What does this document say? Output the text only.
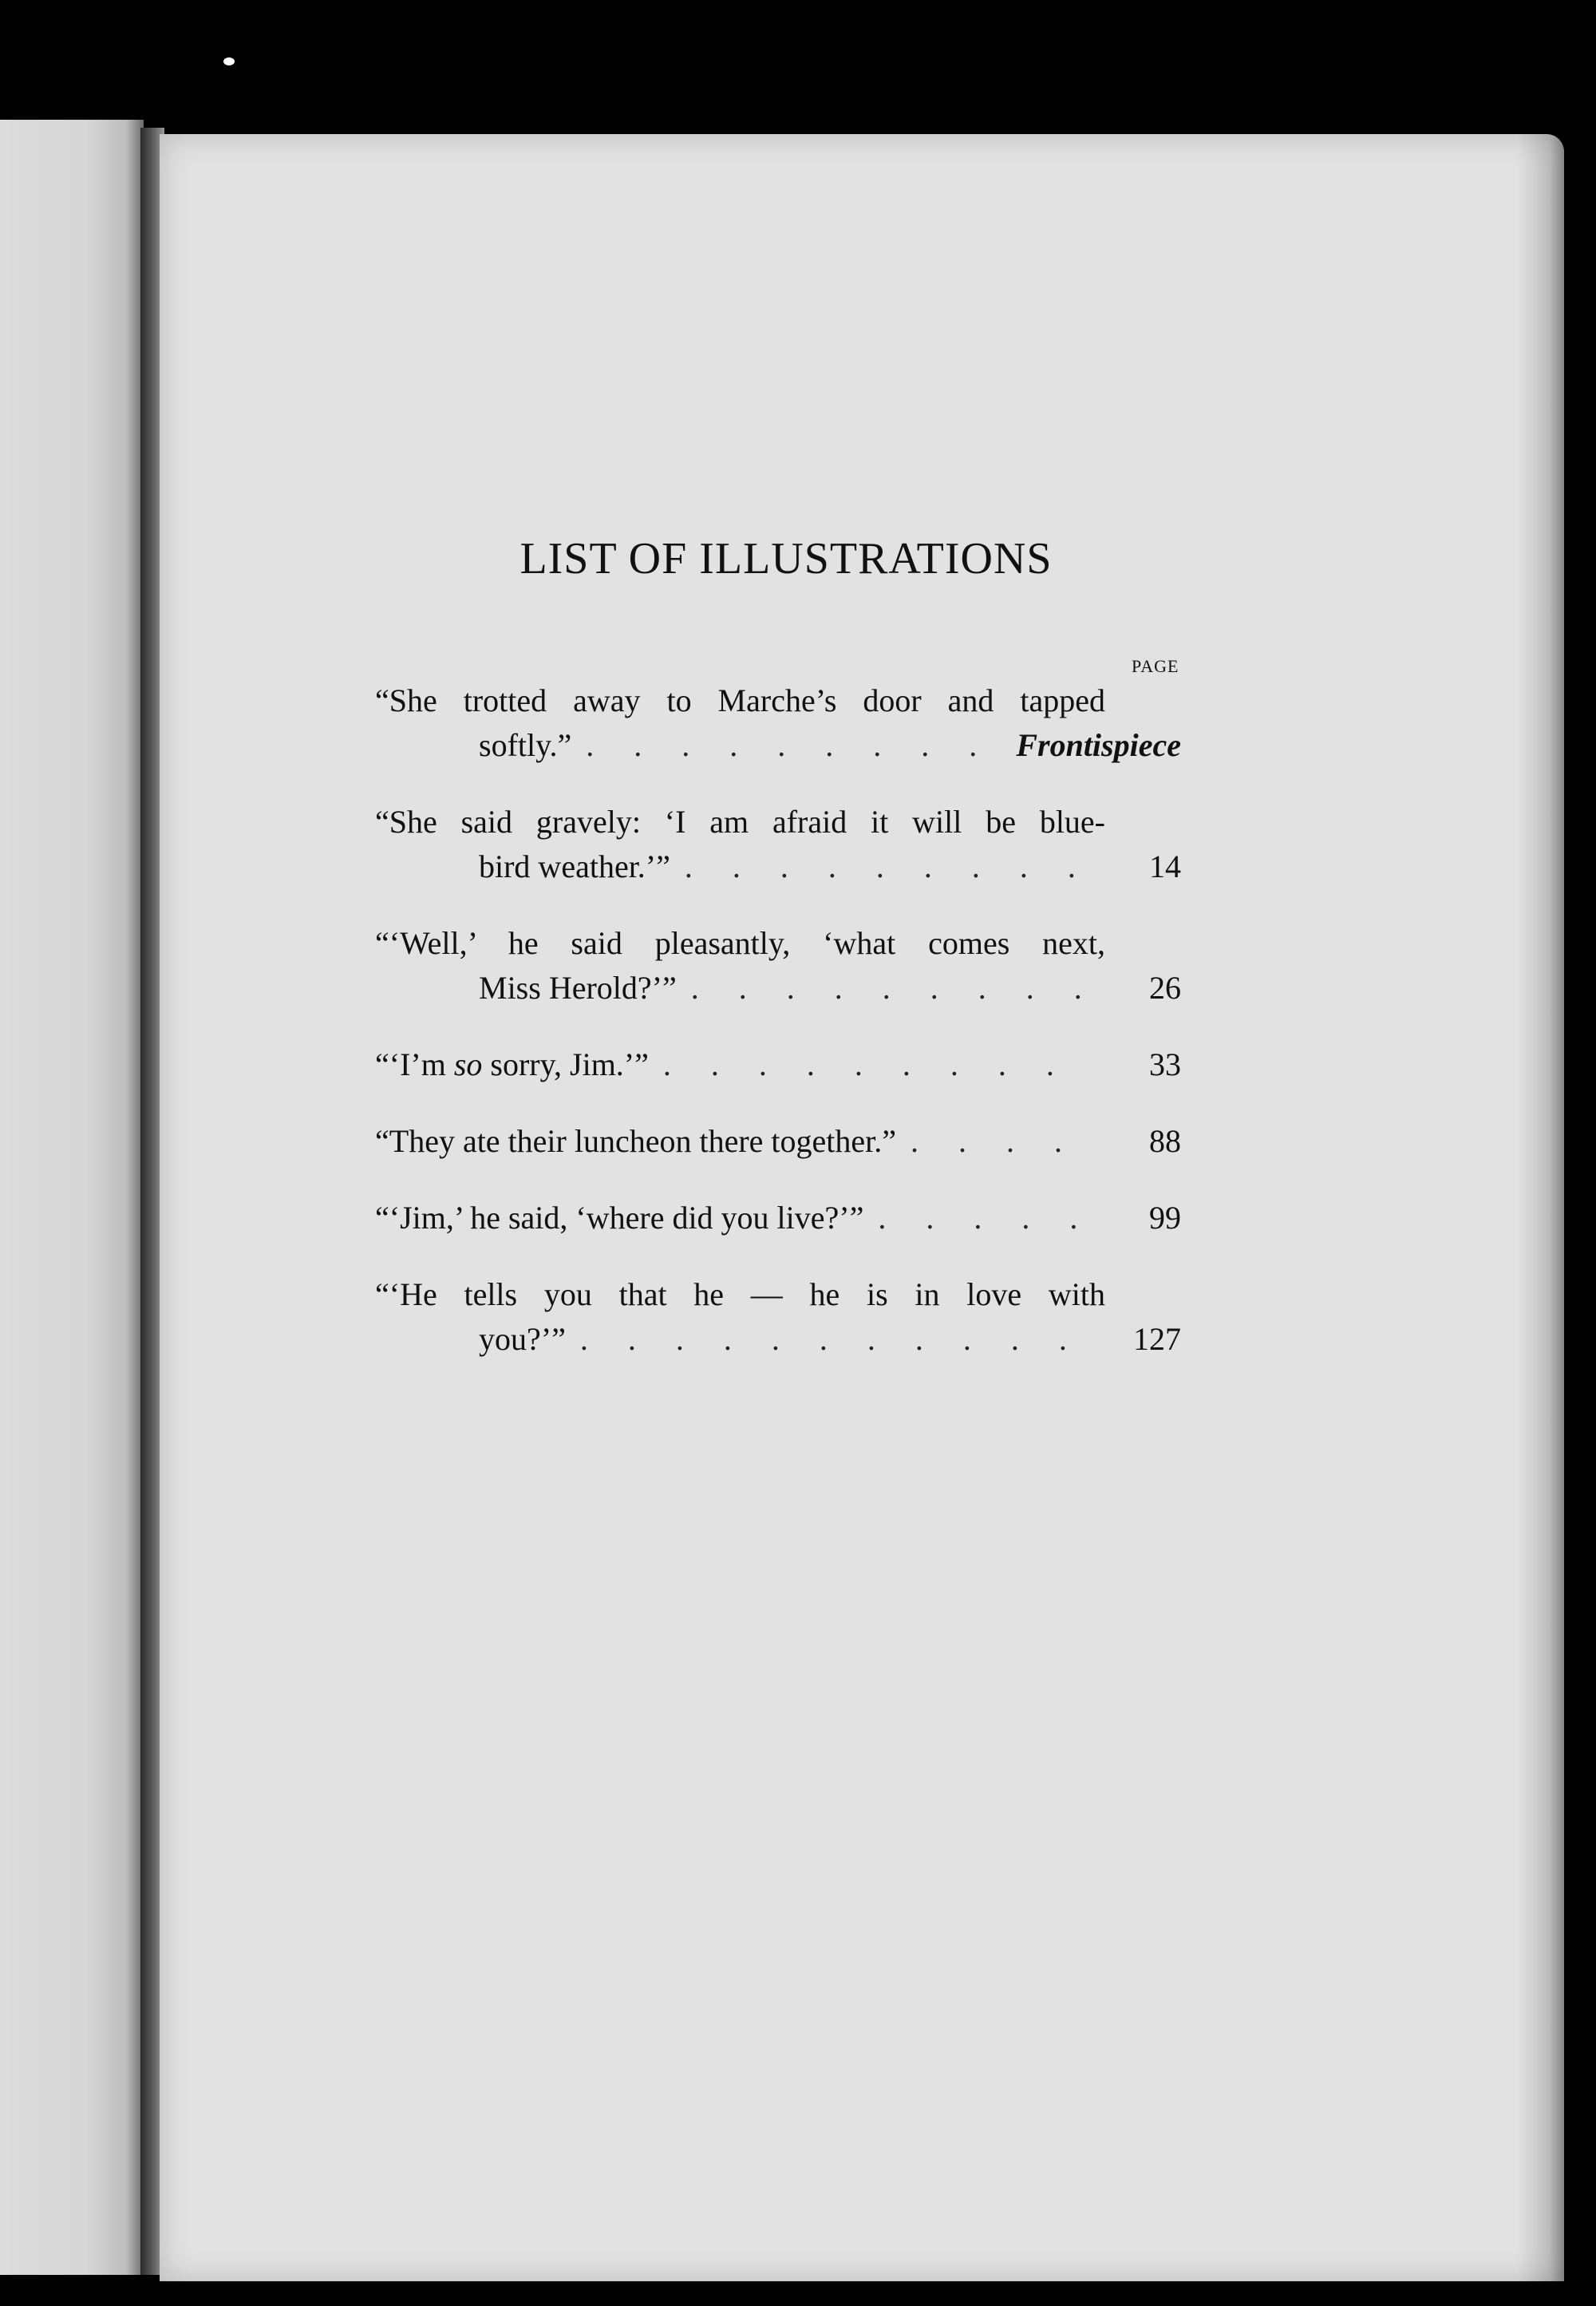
LIST OF ILLUSTRATIONS
PAGE
“She trotted away to Marche’s door and tapped
softly.” . . .	Frontispiece
“She said gravely: ‘I am afraid it will be blue-
bird weather.’” . . .	14
“‘Well,’ he said pleasantly, ‘what comes next,
Miss Herold?’” . . .	26
“‘I’m so sorry, Jim.’” . . .	33
“They ate their luncheon there together.” . . .	88
“‘Jim,’ he said, ‘where did you live?’” . . .	99
“‘He tells you that he — he is in love with
you?’” . . .	127
